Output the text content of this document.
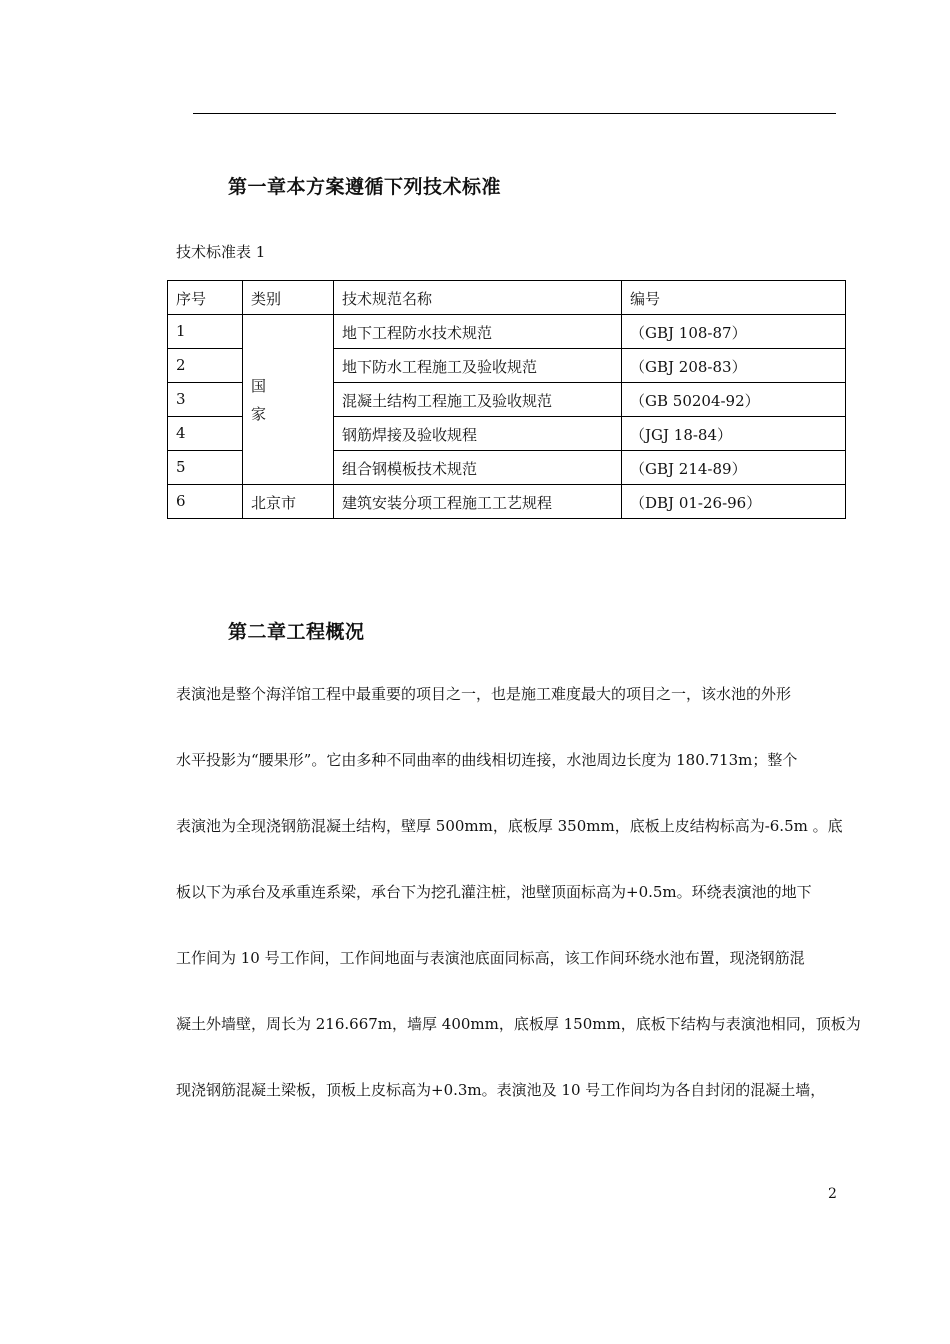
第一章本方案遵循下列技术标准
技术标准表 1
序号	类别	技术规范名称	编号
1	国家	地下工程防水技术规范	（GBJ 108-87）
2		地下防水工程施工及验收规范	（GBJ 208-83）
3		混凝土结构工程施工及验收规范	（GB 50204-92）
4		钢筋焊接及验收规程	（JGJ 18-84）
5		组合钢模板技术规范	（GBJ 214-89）
6	北京市	建筑安装分项工程施工工艺规程	（DBJ 01-26-96）
第二章工程概况
表演池是整个海洋馆工程中最重要的项目之一，也是施工难度最大的项目之一，该水池的外形
水平投影为“腰果形”。它由多种不同曲率的曲线相切连接，水池周边长度为 180.713m；整个
表演池为全现浇钢筋混凝土结构，壁厚 500mm，底板厚 350mm，底板上皮结构标高为-6.5m 。底
板以下为承台及承重连系梁，承台下为挖孔灌注桩，池壁顶面标高为+0.5m。环绕表演池的地下
工作间为 10 号工作间，工作间地面与表演池底面同标高，该工作间环绕水池布置，现浇钢筋混
凝土外墙壁，周长为 216.667m，墙厚 400mm，底板厚 150mm，底板下结构与表演池相同，顶板为
现浇钢筋混凝土梁板，顶板上皮标高为+0.3m。表演池及 10 号工作间均为各自封闭的混凝土墙，
2
